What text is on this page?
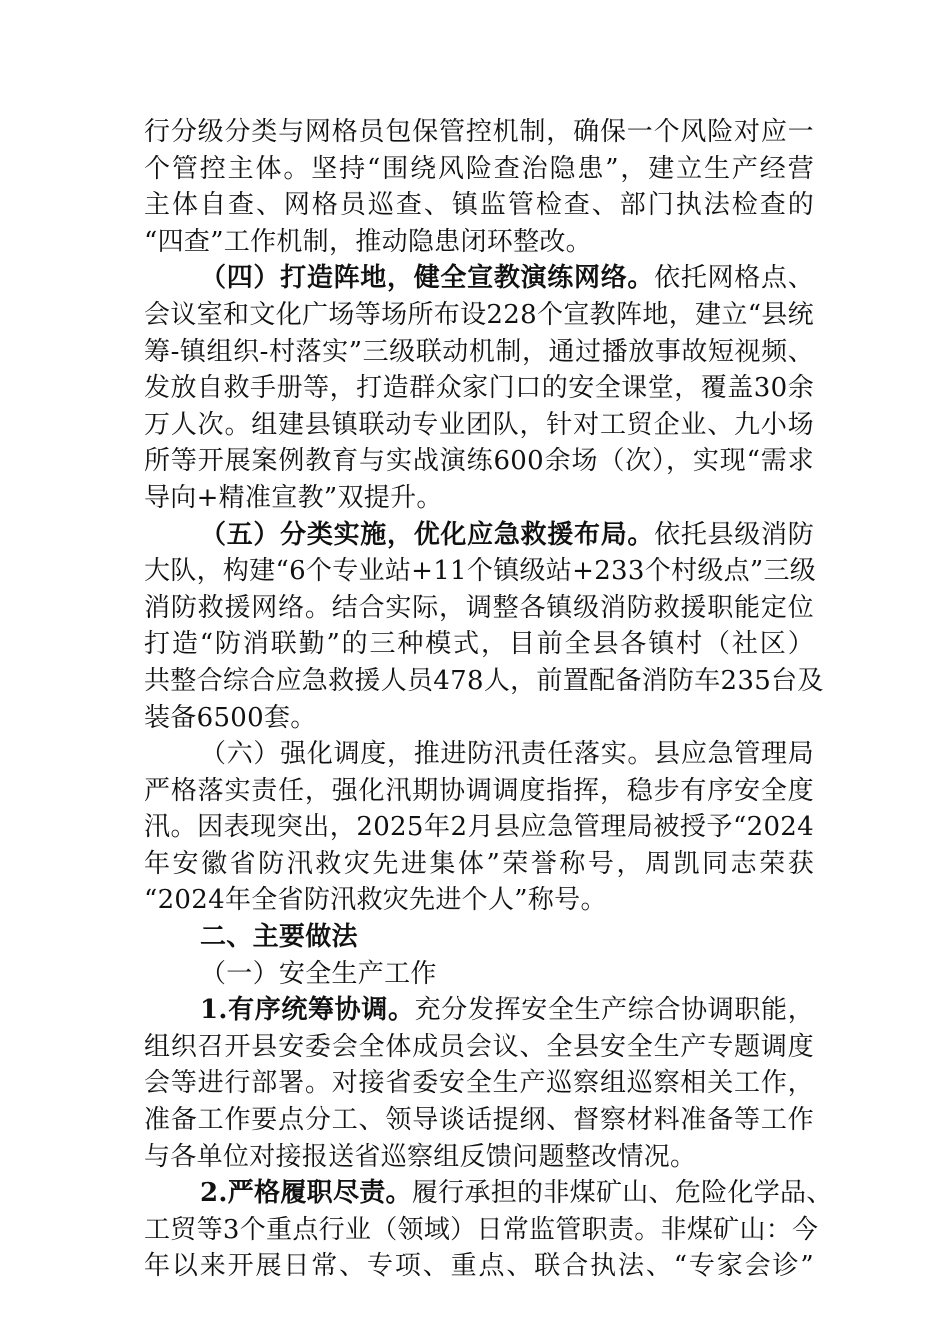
行分级分类与网格员包保管控机制，确保一个风险对应一
个管控主体。坚持“围绕风险查治隐患”，建立生产经营
主体自查、网格员巡查、镇监管检查、部门执法检查的
“四查”工作机制，推动隐患闭环整改。
（四）打造阵地，健全宣教演练网络。依托网格点、
会议室和文化广场等场所布设228个宣教阵地，建立“县统
筹-镇组织-村落实”三级联动机制，通过播放事故短视频、
发放自救手册等，打造群众家门口的安全课堂，覆盖30余
万人次。组建县镇联动专业团队，针对工贸企业、九小场
所等开展案例教育与实战演练600余场（次），实现“需求
导向+精准宣教”双提升。
（五）分类实施，优化应急救援布局。依托县级消防
大队，构建“6个专业站+11个镇级站+233个村级点”三级
消防救援网络。结合实际，调整各镇级消防救援职能定位
打造“防消联勤”的三种模式，目前全县各镇村（社区）
共整合综合应急救援人员478人，前置配备消防车235台及
装备6500套。
（六）强化调度，推进防汛责任落实。县应急管理局
严格落实责任，强化汛期协调调度指挥，稳步有序安全度
汛。因表现突出，2025年2月县应急管理局被授予“2024
年安徽省防汛救灾先进集体”荣誉称号，周凯同志荣获
“2024年全省防汛救灾先进个人”称号。
二、主要做法
（一）安全生产工作
1.有序统筹协调。充分发挥安全生产综合协调职能，
组织召开县安委会全体成员会议、全县安全生产专题调度
会等进行部署。对接省委安全生产巡察组巡察相关工作，
准备工作要点分工、领导谈话提纲、督察材料准备等工作
与各单位对接报送省巡察组反馈问题整改情况。
2.严格履职尽责。履行承担的非煤矿山、危险化学品、
工贸等3个重点行业（领域）日常监管职责。非煤矿山：今
年以来开展日常、专项、重点、联合执法、“专家会诊”
